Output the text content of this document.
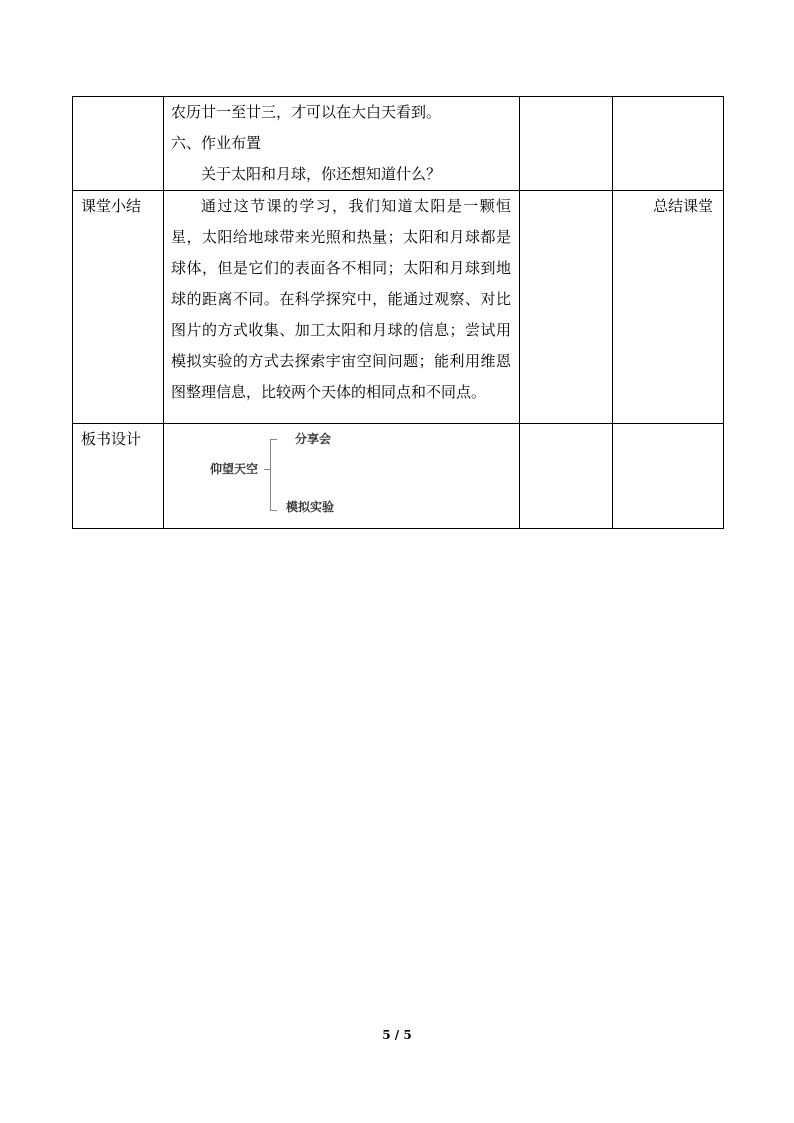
	农历廿一至廿三，才可以在大白天看到。
六、作业布置
关于太阳和月球，你还想知道什么？		

课堂小结	通过这节课的学习，我们知道太阳是一颗恒星，太阳给地球带来光照和热量；太阳和月球都是球体，但是它们的表面各不相同；太阳和月球到地球的距离不同。在科学探究中，能通过观察、对比图片的方式收集、加工太阳和月球的信息；尝试用模拟实验的方式去探索宇宙空间问题；能利用维恩图整理信息，比较两个天体的相同点和不同点。		总结课堂

板书设计	仰望天空
分享会
模拟实验		

5 / 5
